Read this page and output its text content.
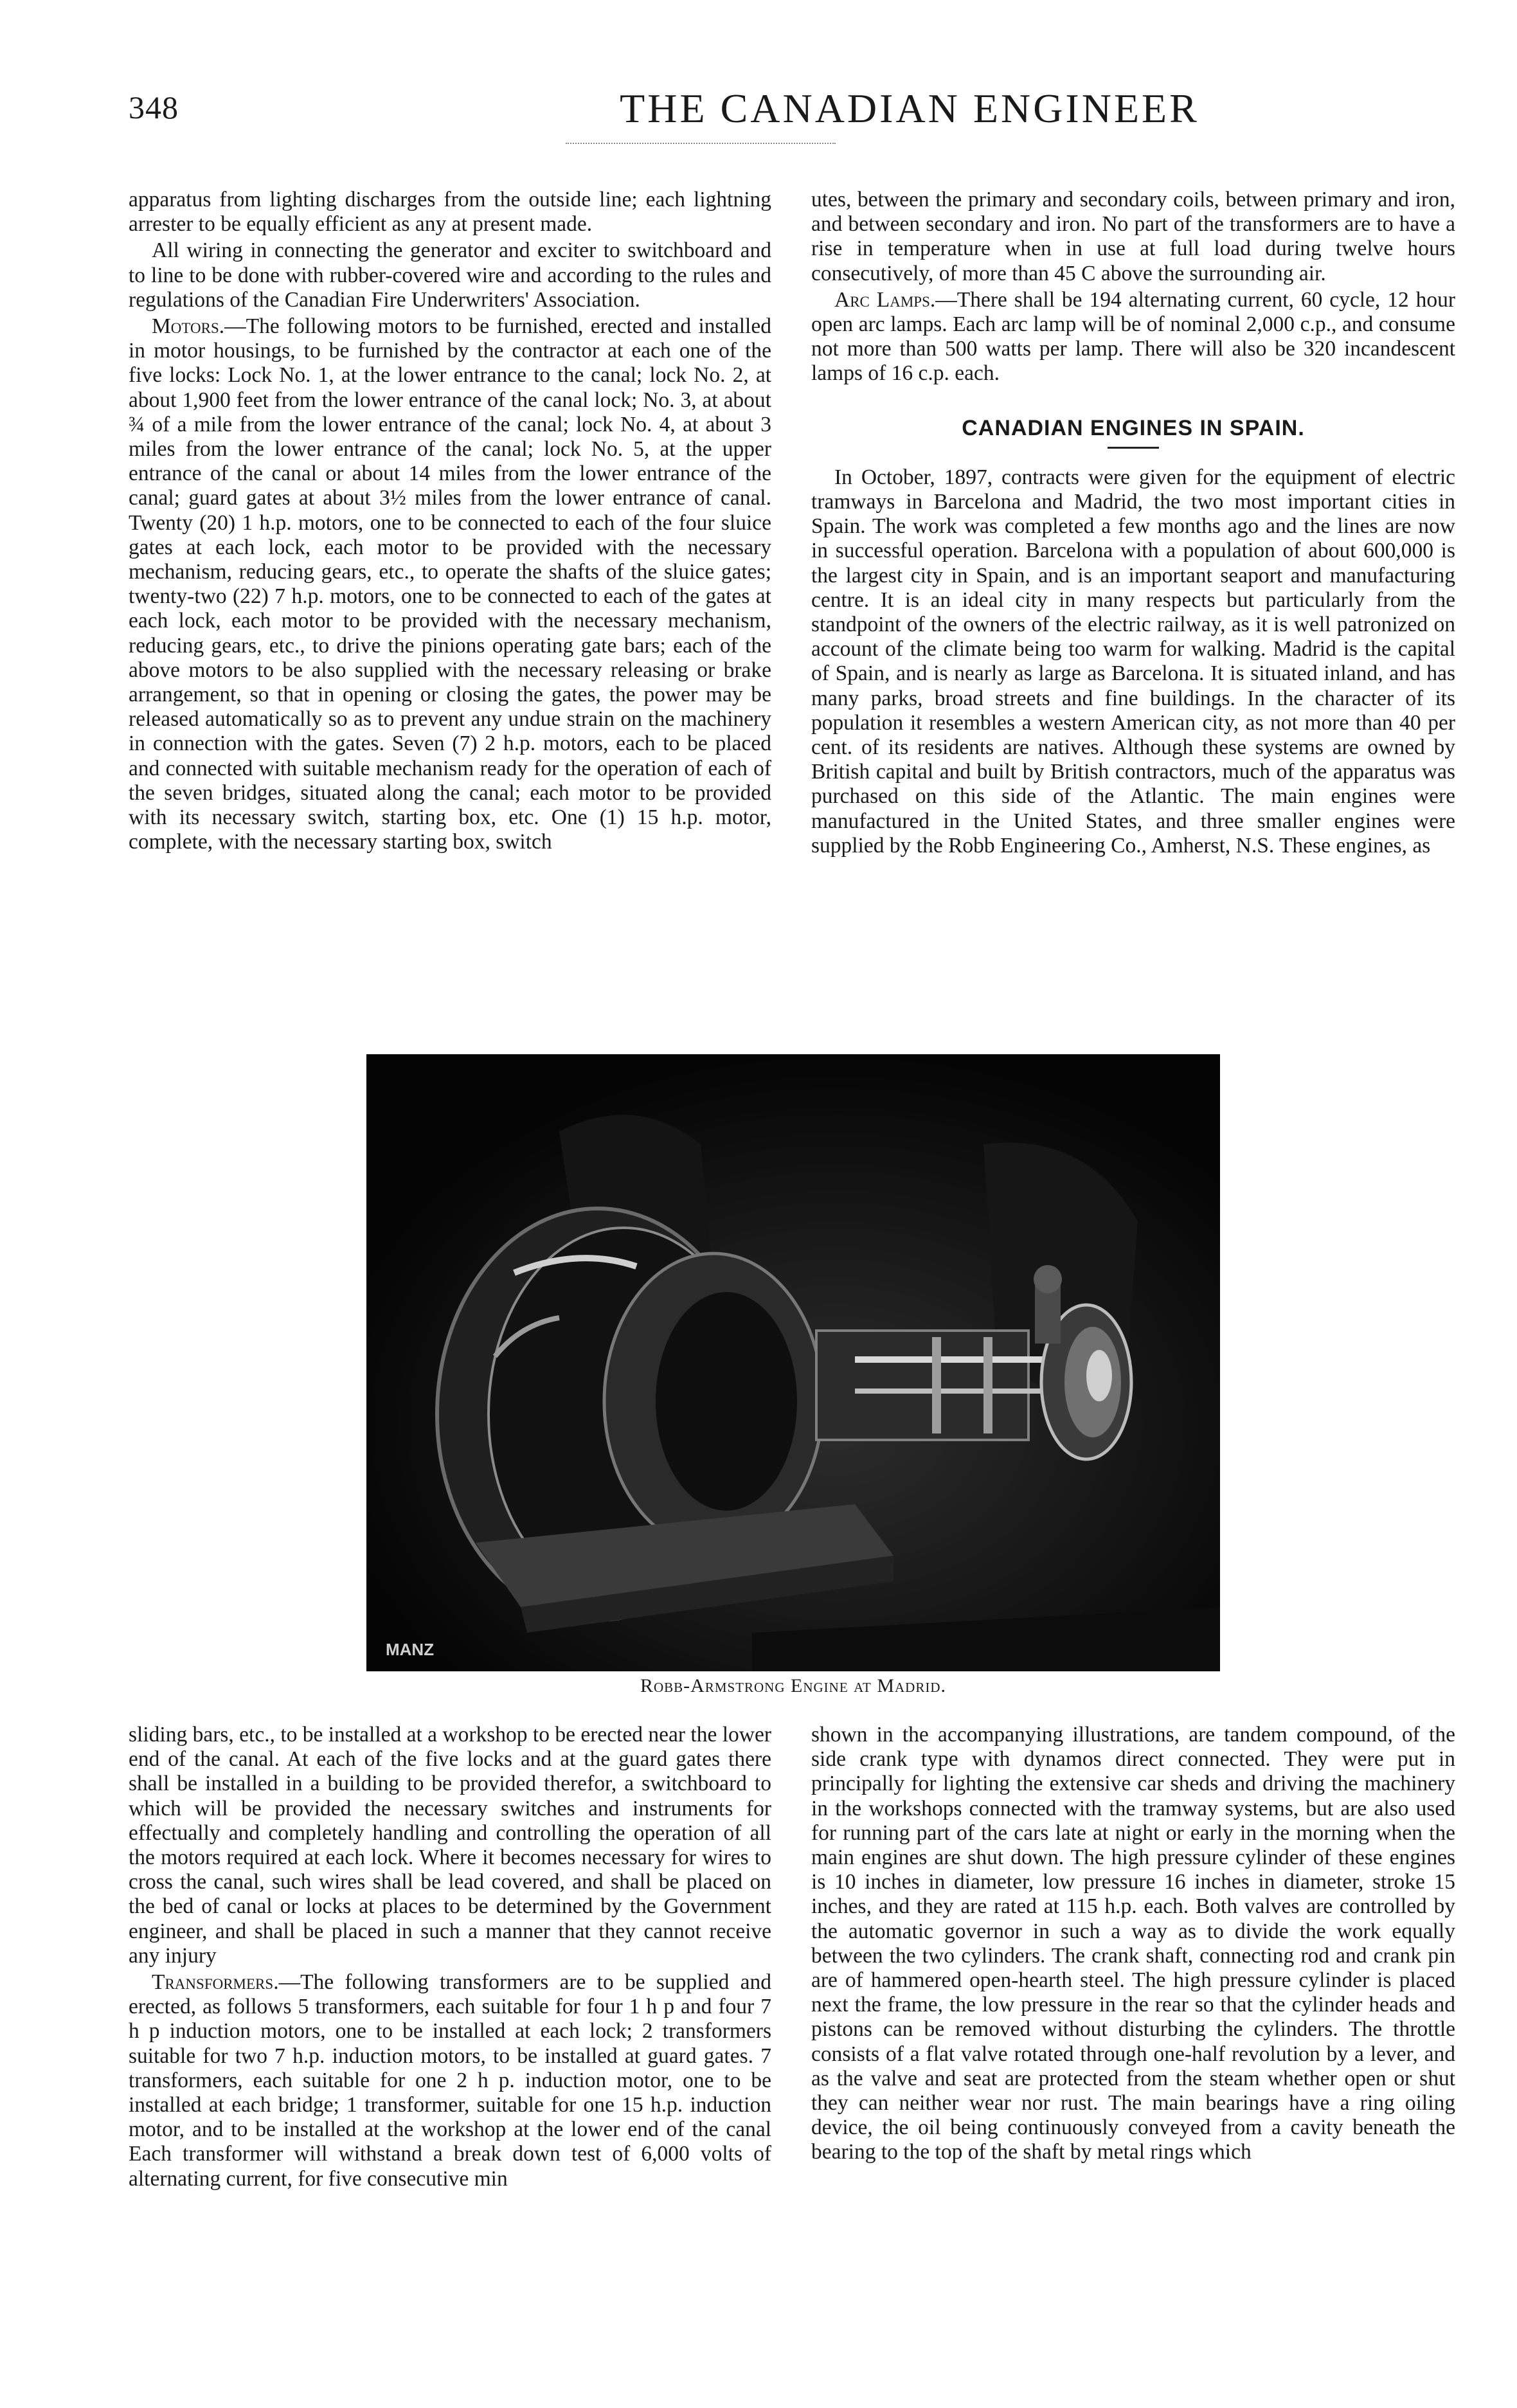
348	THE CANADIAN ENGINEER

apparatus from lighting discharges from the outside line; each lightning arrester to be equally efficient as any at present made.

All wiring in connecting the generator and exciter to switchboard and to line to be done with rubber-covered wire and according to the rules and regulations of the Canadian Fire Underwriters' Association.

Motors.—The following motors to be furnished, erected and installed in motor housings, to be furnished by the contractor at each one of the five locks: Lock No. 1, at the lower entrance to the canal; lock No. 2, at about 1,900 feet from the lower entrance of the canal lock; No. 3, at about ¾ of a mile from the lower entrance of the canal; lock No. 4, at about 3 miles from the lower entrance of the canal; lock No. 5, at the upper entrance of the canal or about 14 miles from the lower entrance of the canal; guard gates at about 3½ miles from the lower entrance of canal. Twenty (20) 1 h.p. motors, one to be connected to each of the four sluice gates at each lock, each motor to be provided with the necessary mechanism, reducing gears, etc., to operate the shafts of the sluice gates; twenty-two (22) 7 h.p. motors, one to be connected to each of the gates at each lock, each motor to be provided with the necessary mechanism, reducing gears, etc., to drive the pinions operating gate bars; each of the above motors to be also supplied with the necessary releasing or brake arrangement, so that in opening or closing the gates, the power may be released automatically so as to prevent any undue strain on the machinery in connection with the gates. Seven (7) 2 h.p. motors, each to be placed and connected with suitable mechanism ready for the operation of each of the seven bridges, situated along the canal; each motor to be provided with its necessary switch, starting box, etc. One (1) 15 h.p. motor, complete, with the necessary starting box, switch

utes, between the primary and secondary coils, between primary and iron, and between secondary and iron. No part of the transformers are to have a rise in temperature when in use at full load during twelve hours consecutively, of more than 45 C above the surrounding air.

Arc Lamps.—There shall be 194 alternating current, 60 cycle, 12 hour open arc lamps. Each arc lamp will be of nominal 2,000 c.p., and consume not more than 500 watts per lamp. There will also be 320 incandescent lamps of 16 c.p. each.

CANADIAN ENGINES IN SPAIN.

In October, 1897, contracts were given for the equipment of electric tramways in Barcelona and Madrid, the two most important cities in Spain. The work was completed a few months ago and the lines are now in successful operation. Barcelona with a population of about 600,000 is the largest city in Spain, and is an important seaport and manufacturing centre. It is an ideal city in many respects but particularly from the standpoint of the owners of the electric railway, as it is well patronized on account of the climate being too warm for walking. Madrid is the capital of Spain, and is nearly as large as Barcelona. It is situated inland, and has many parks, broad streets and fine buildings. In the character of its population it resembles a western American city, as not more than 40 per cent. of its residents are natives. Although these systems are owned by British capital and built by British contractors, much of the apparatus was purchased on this side of the Atlantic. The main engines were manufactured in the United States, and three smaller engines were supplied by the Robb Engineering Co., Amherst, N.S. These engines, as

MANZ
Robb-Armstrong Engine at Madrid.

sliding bars, etc., to be installed at a workshop to be erected near the lower end of the canal. At each of the five locks and at the guard gates there shall be installed in a building to be provided therefor, a switchboard to which will be provided the necessary switches and instruments for effectually and completely handling and controlling the operation of all the motors required at each lock. Where it becomes necessary for wires to cross the canal, such wires shall be lead covered, and shall be placed on the bed of canal or locks at places to be determined by the Government engineer, and shall be placed in such a manner that they cannot receive any injury

Transformers.—The following transformers are to be supplied and erected, as follows 5 transformers, each suitable for four 1 h p and four 7 h p induction motors, one to be installed at each lock; 2 transformers suitable for two 7 h.p. induction motors, to be installed at guard gates. 7 transformers, each suitable for one 2 h p. induction motor, one to be installed at each bridge; 1 transformer, suitable for one 15 h.p. induction motor, and to be installed at the workshop at the lower end of the canal Each transformer will withstand a break down test of 6,000 volts of alternating current, for five consecutive min

shown in the accompanying illustrations, are tandem compound, of the side crank type with dynamos direct connected. They were put in principally for lighting the extensive car sheds and driving the machinery in the workshops connected with the tramway systems, but are also used for running part of the cars late at night or early in the morning when the main engines are shut down. The high pressure cylinder of these engines is 10 inches in diameter, low pressure 16 inches in diameter, stroke 15 inches, and they are rated at 115 h.p. each. Both valves are controlled by the automatic governor in such a way as to divide the work equally between the two cylinders. The crank shaft, connecting rod and crank pin are of hammered open-hearth steel. The high pressure cylinder is placed next the frame, the low pressure in the rear so that the cylinder heads and pistons can be removed without disturbing the cylinders. The throttle consists of a flat valve rotated through one-half revolution by a lever, and as the valve and seat are protected from the steam whether open or shut they can neither wear nor rust. The main bearings have a ring oiling device, the oil being continuously conveyed from a cavity beneath the bearing to the top of the shaft by metal rings which
